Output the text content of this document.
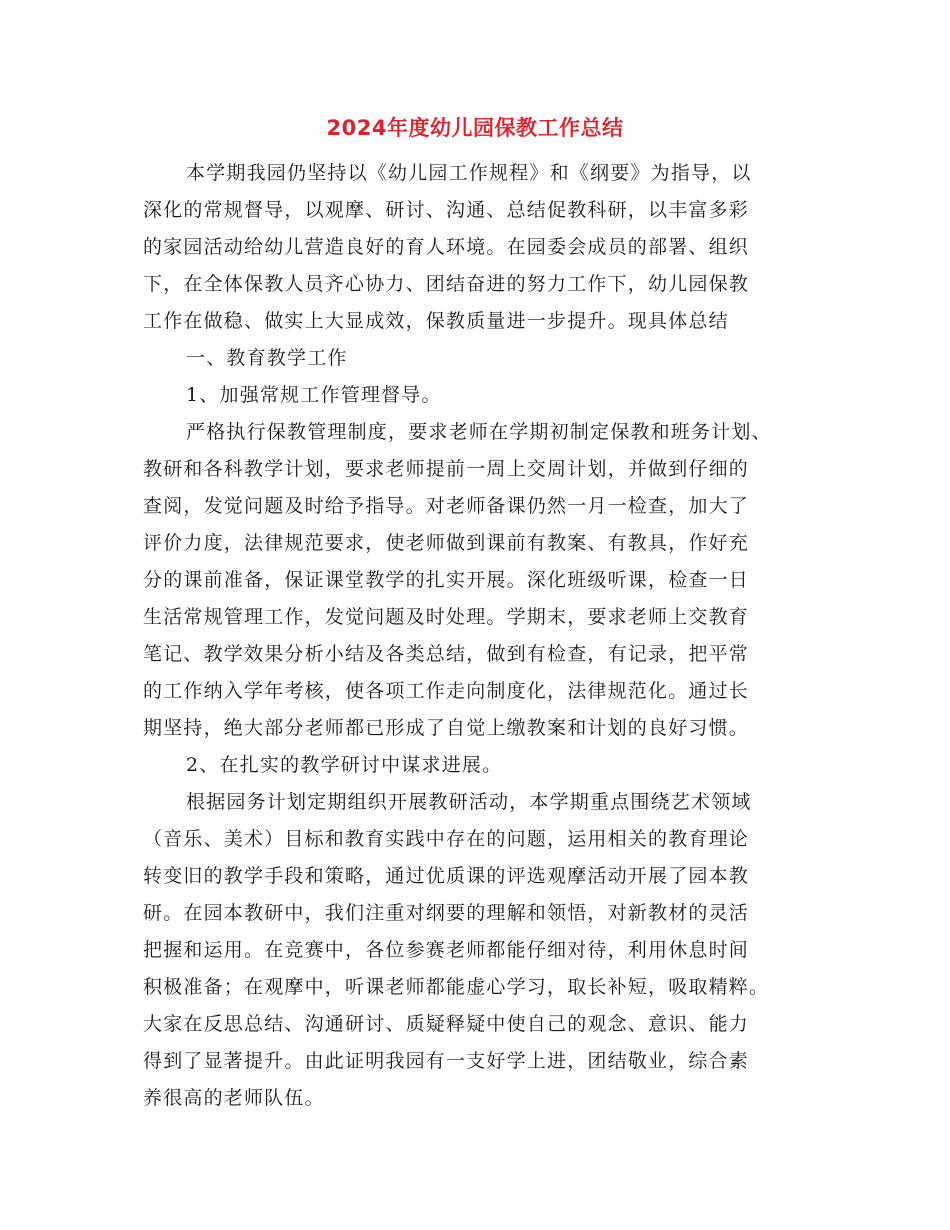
2024年度幼儿园保教工作总结
本学期我园仍坚持以《幼儿园工作规程》和《纲要》为指导，以
深化的常规督导，以观摩、研讨、沟通、总结促教科研，以丰富多彩
的家园活动给幼儿营造良好的育人环境。在园委会成员的部署、组织
下，在全体保教人员齐心协力、团结奋进的努力工作下，幼儿园保教
工作在做稳、做实上大显成效，保教质量进一步提升。现具体总结
一、教育教学工作
1、加强常规工作管理督导。
严格执行保教管理制度，要求老师在学期初制定保教和班务计划、
教研和各科教学计划，要求老师提前一周上交周计划，并做到仔细的
查阅，发觉问题及时给予指导。对老师备课仍然一月一检查，加大了
评价力度，法律规范要求，使老师做到课前有教案、有教具，作好充
分的课前准备，保证课堂教学的扎实开展。深化班级听课，检查一日
生活常规管理工作，发觉问题及时处理。学期末，要求老师上交教育
笔记、教学效果分析小结及各类总结，做到有检查，有记录，把平常
的工作纳入学年考核，使各项工作走向制度化，法律规范化。通过长
期坚持，绝大部分老师都已形成了自觉上缴教案和计划的良好习惯。
2、在扎实的教学研讨中谋求进展。
根据园务计划定期组织开展教研活动，本学期重点围绕艺术领域
（音乐、美术）目标和教育实践中存在的问题，运用相关的教育理论
转变旧的教学手段和策略，通过优质课的评选观摩活动开展了园本教
研。在园本教研中，我们注重对纲要的理解和领悟，对新教材的灵活
把握和运用。在竞赛中，各位参赛老师都能仔细对待，利用休息时间
积极准备；在观摩中，听课老师都能虚心学习，取长补短，吸取精粹。
大家在反思总结、沟通研讨、质疑释疑中使自己的观念、意识、能力
得到了显著提升。由此证明我园有一支好学上进，团结敬业，综合素
养很高的老师队伍。
